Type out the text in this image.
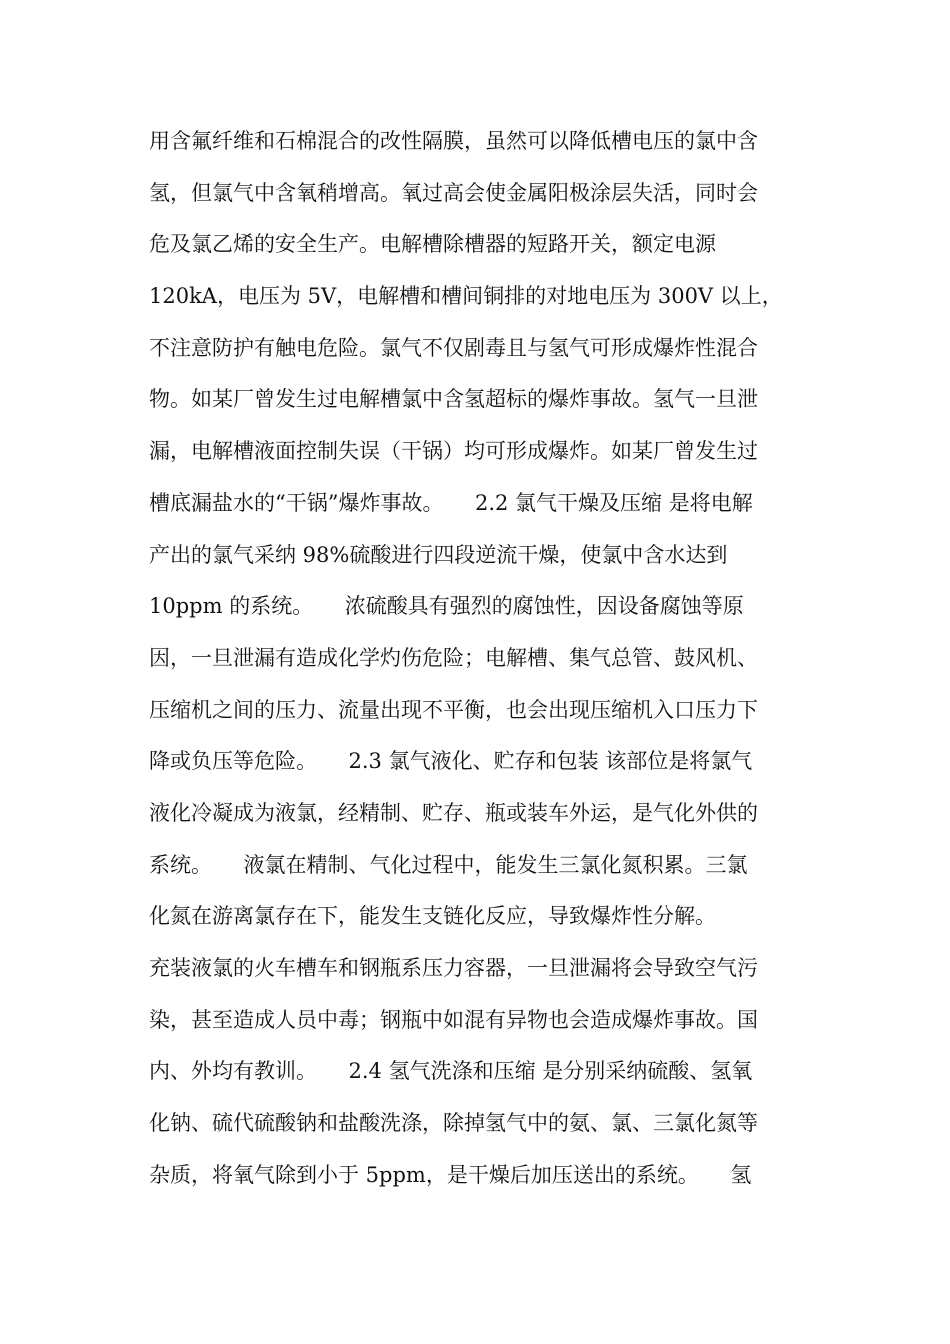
用含氟纤维和石棉混合的改性隔膜，虽然可以降低槽电压的氯中含
氢，但氯气中含氧稍增高。氧过高会使金属阳极涂层失活，同时会
危及氯乙烯的安全生产。电解槽除槽器的短路开关，额定电源
120kA，电压为 5V，电解槽和槽间铜排的对地电压为 300V 以上，
不注意防护有触电危险。氯气不仅剧毒且与氢气可形成爆炸性混合
物。如某厂曾发生过电解槽氯中含氢超标的爆炸事故。氢气一旦泄
漏，电解槽液面控制失误（干锅）均可形成爆炸。如某厂曾发生过
槽底漏盐水的“干锅”爆炸事故。　　2.2 氯气干燥及压缩 是将电解
产出的氯气采纳 98%硫酸进行四段逆流干燥，使氯中含水达到
10ppm 的系统。　　浓硫酸具有强烈的腐蚀性，因设备腐蚀等原
因，一旦泄漏有造成化学灼伤危险；电解槽、集气总管、鼓风机、
压缩机之间的压力、流量出现不平衡，也会出现压缩机入口压力下
降或负压等危险。　　2.3 氯气液化、贮存和包装 该部位是将氯气
液化冷凝成为液氯，经精制、贮存、瓶或装车外运，是气化外供的
系统。　　液氯在精制、气化过程中，能发生三氯化氮积累。三氯
化氮在游离氯存在下，能发生支链化反应，导致爆炸性分解。
充装液氯的火车槽车和钢瓶系压力容器，一旦泄漏将会导致空气污
染，甚至造成人员中毒；钢瓶中如混有异物也会造成爆炸事故。国
内、外均有教训。　　2.4 氢气洗涤和压缩 是分别采纳硫酸、氢氧
化钠、硫代硫酸钠和盐酸洗涤，除掉氢气中的氨、氯、三氯化氮等
杂质，将氧气除到小于 5ppm，是干燥后加压送出的系统。　　氢
